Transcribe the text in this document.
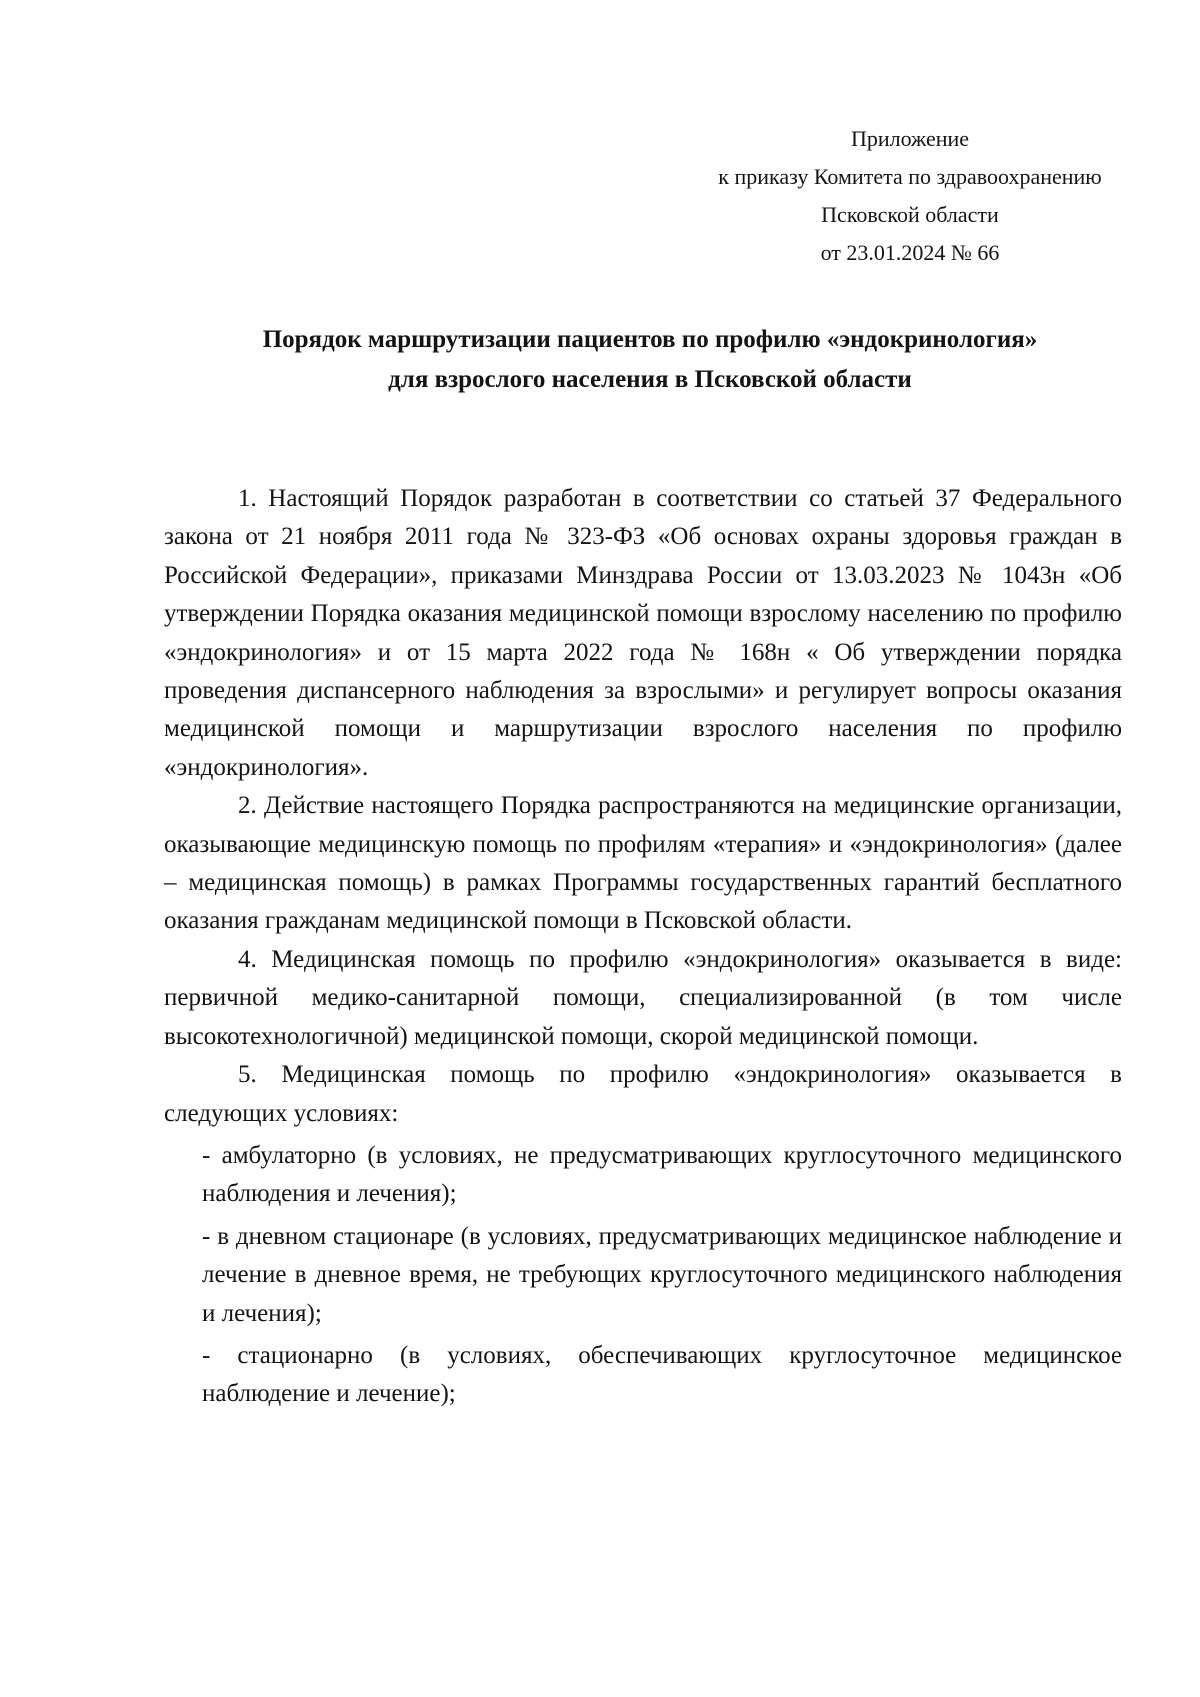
Приложение
к приказу Комитета по здравоохранению
Псковской области
от 23.01.2024 № 66
Порядок маршрутизации пациентов по профилю «эндокринология»
для взрослого населения в Псковской области

1. Настоящий Порядок разработан в соответствии со статьей 37 Федерального закона от 21 ноября 2011 года № 323-ФЗ «Об основах охраны здоровья граждан в Российской Федерации», приказами Минздрава России от 13.03.2023 № 1043н «Об утверждении Порядка оказания медицинской помощи взрослому населению по профилю «эндокринология» и от 15 марта 2022 года № 168н « Об утверждении порядка проведения диспансерного наблюдения за взрослыми» и регулирует вопросы оказания медицинской помощи и маршрутизации взрослого населения по профилю «эндокринология».

2. Действие настоящего Порядка распространяются на медицинские организации, оказывающие медицинскую помощь по профилям «терапия» и «эндокринология» (далее – медицинская помощь) в рамках Программы государственных гарантий бесплатного оказания гражданам медицинской помощи в Псковской области.

4. Медицинская помощь по профилю «эндокринология» оказывается в виде: первичной медико-санитарной помощи, специализированной (в том числе высокотехнологичной) медицинской помощи, скорой медицинской помощи.

5. Медицинская помощь по профилю «эндокринология» оказывается в следующих условиях:

- амбулаторно (в условиях, не предусматривающих круглосуточного медицинского наблюдения и лечения);

- в дневном стационаре (в условиях, предусматривающих медицинское наблюдение и лечение в дневное время, не требующих круглосуточного медицинского наблюдения и лечения);

- стационарно (в условиях, обеспечивающих круглосуточное медицинское наблюдение и лечение);
